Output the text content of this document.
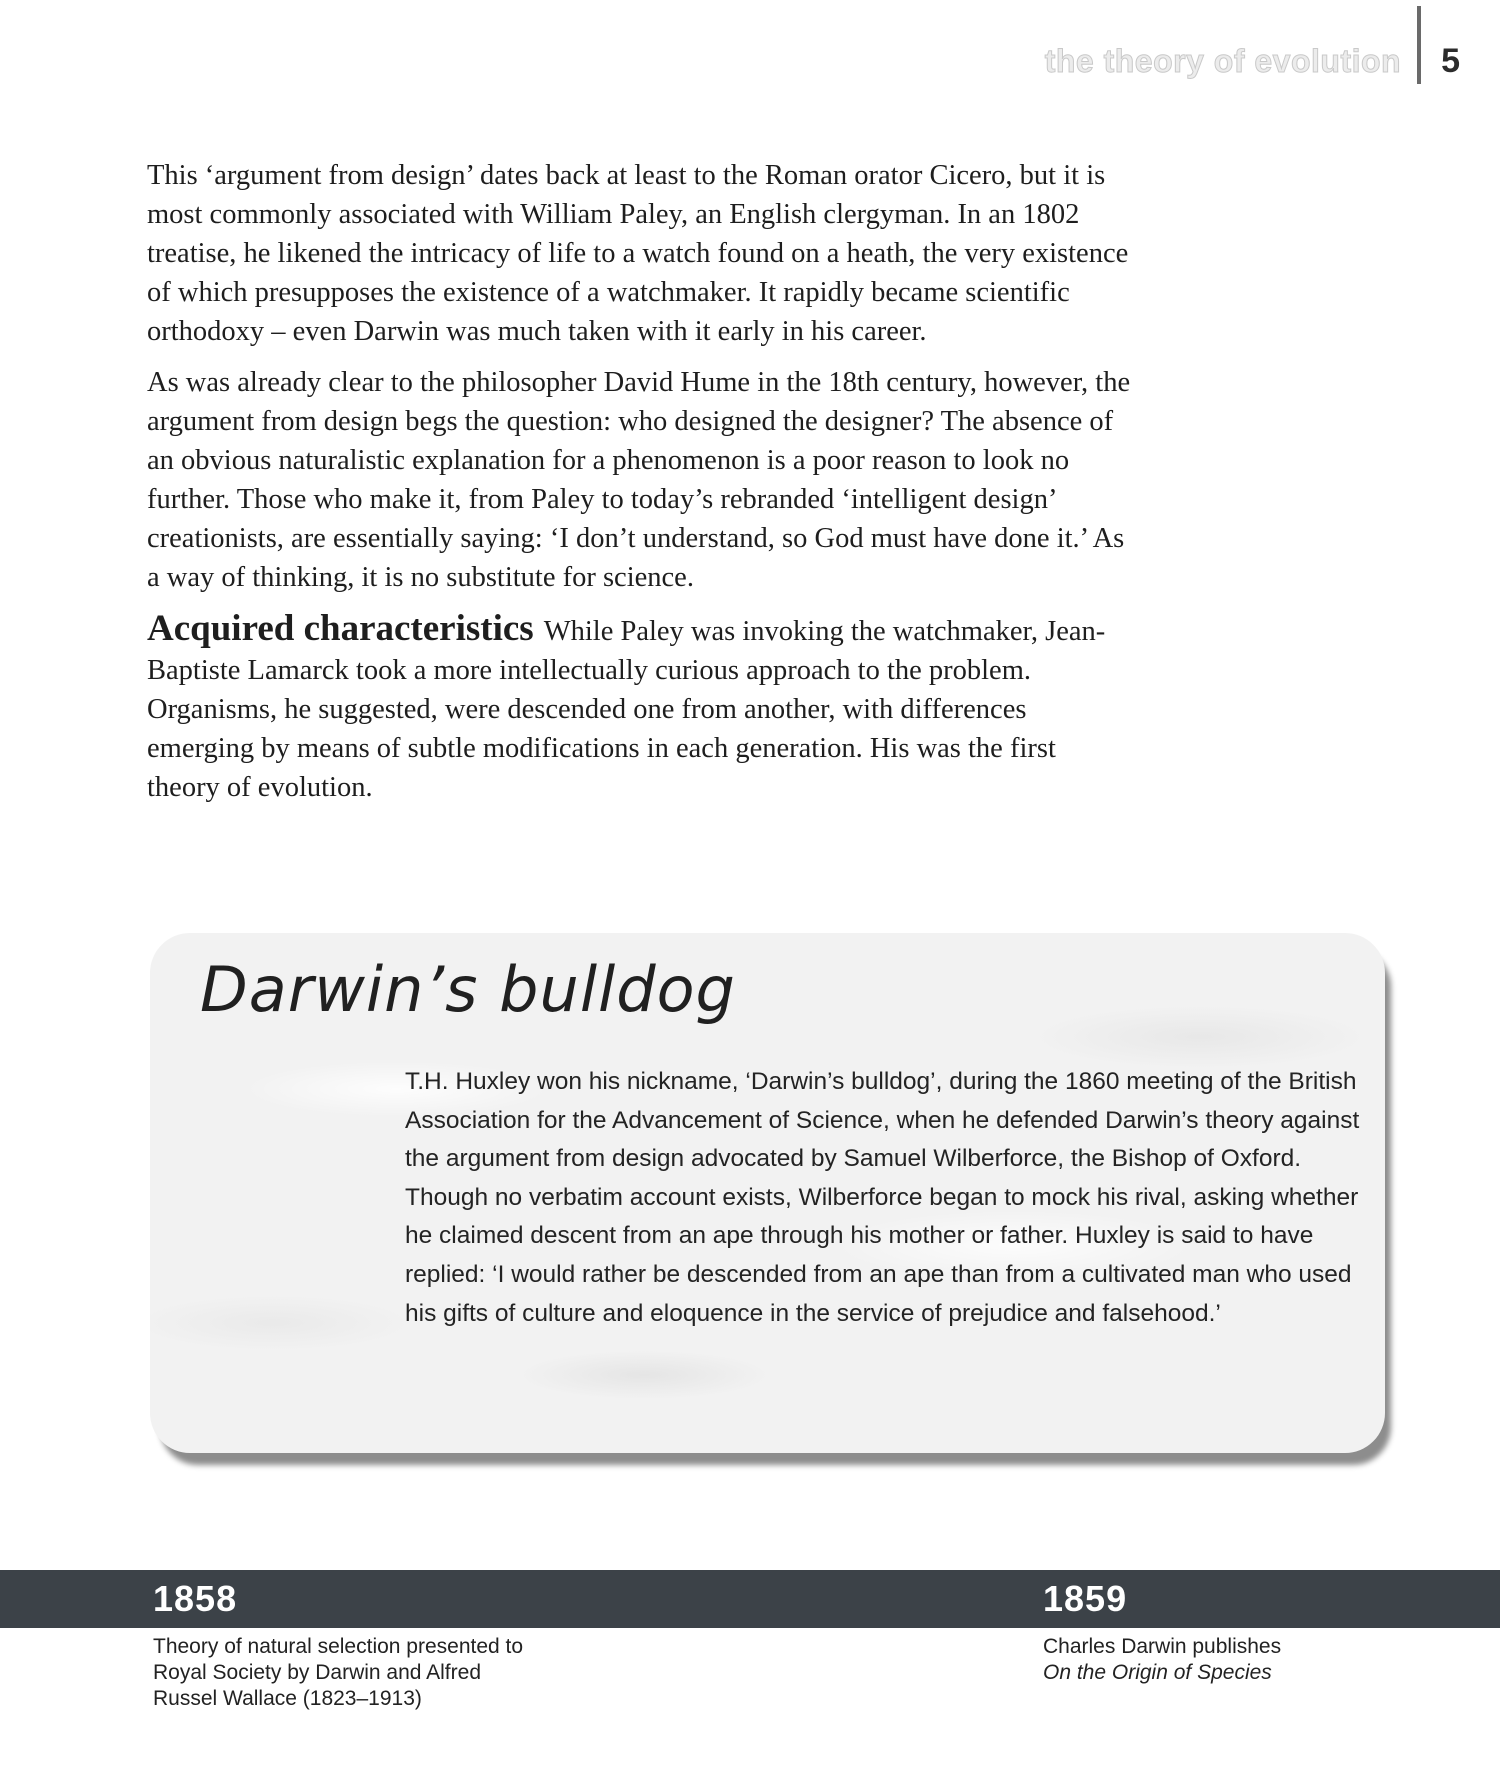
the theory of evolution 5

This ‘argument from design’ dates back at least to the Roman orator Cicero, but it is most commonly associated with William Paley, an English clergyman. In an 1802 treatise, he likened the intricacy of life to a watch found on a heath, the very existence of which presupposes the existence of a watchmaker. It rapidly became scientific orthodoxy – even Darwin was much taken with it early in his career.

As was already clear to the philosopher David Hume in the 18th century, however, the argument from design begs the question: who designed the designer? The absence of an obvious naturalistic explanation for a phenomenon is a poor reason to look no further. Those who make it, from Paley to today’s rebranded ‘intelligent design’ creationists, are essentially saying: ‘I don’t understand, so God must have done it.’ As a way of thinking, it is no substitute for science.

Acquired characteristics While Paley was invoking the watchmaker, Jean-Baptiste Lamarck took a more intellectually curious approach to the problem. Organisms, he suggested, were descended one from another, with differences emerging by means of subtle modifications in each generation. His was the first theory of evolution.

Darwin’s bulldog

T.H. Huxley won his nickname, ‘Darwin’s bulldog’, during the 1860 meeting of the British Association for the Advancement of Science, when he defended Darwin’s theory against the argument from design advocated by Samuel Wilberforce, the Bishop of Oxford. Though no verbatim account exists, Wilberforce began to mock his rival, asking whether he claimed descent from an ape through his mother or father. Huxley is said to have replied: ‘I would rather be descended from an ape than from a cultivated man who used his gifts of culture and eloquence in the service of prejudice and falsehood.’

1858

Theory of natural selection presented to
Royal Society by Darwin and Alfred
Russel Wallace (1823–1913)

1859

Charles Darwin publishes
On the Origin of Species
